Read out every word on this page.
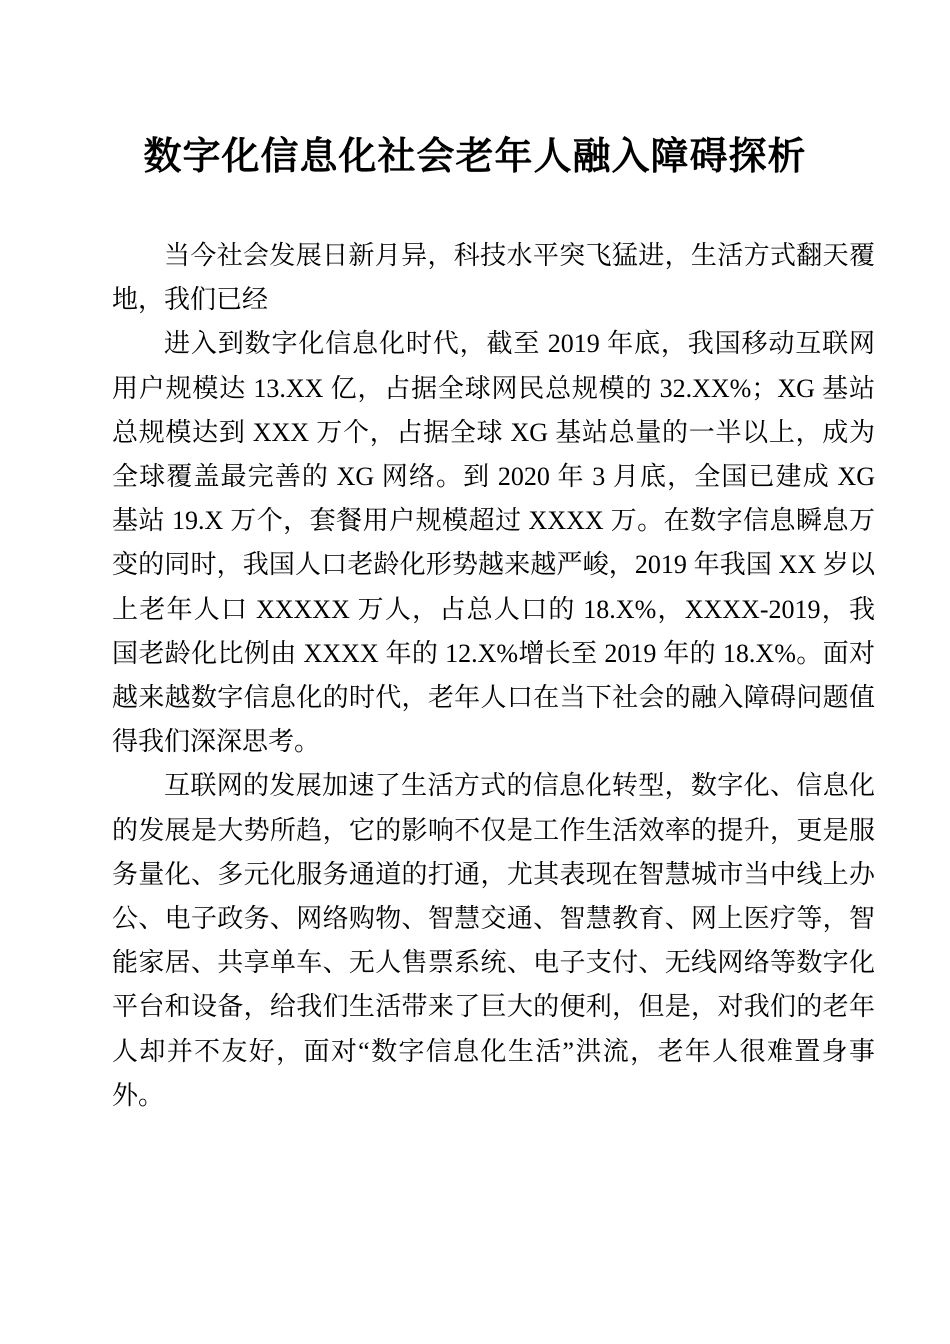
数字化信息化社会老年人融入障碍探析

当今社会发展日新月异，科技水平突飞猛进，生活方式翻天覆地，我们已经

进入到数字化信息化时代，截至 2019 年底，我国移动互联网用户规模达 13.XX 亿，占据全球网民总规模的 32.XX%；XG 基站总规模达到 XXX 万个，占据全球 XG 基站总量的一半以上，成为全球覆盖最完善的 XG 网络。到 2020 年 3 月底，全国已建成 XG 基站 19.X 万个，套餐用户规模超过 XXXX 万。在数字信息瞬息万变的同时，我国人口老龄化形势越来越严峻，2019 年我国 XX 岁以上老年人口 XXXXX 万人，占总人口的 18.X%，XXXX-2019，我国老龄化比例由 XXXX 年的 12.X%增长至 2019 年的 18.X%。面对越来越数字信息化的时代，老年人口在当下社会的融入障碍问题值得我们深深思考。

互联网的发展加速了生活方式的信息化转型，数字化、信息化的发展是大势所趋，它的影响不仅是工作生活效率的提升，更是服务量化、多元化服务通道的打通，尤其表现在智慧城市当中线上办公、电子政务、网络购物、智慧交通、智慧教育、网上医疗等，智能家居、共享单车、无人售票系统、电子支付、无线网络等数字化平台和设备，给我们生活带来了巨大的便利，但是，对我们的老年人却并不友好，面对“数字信息化生活”洪流，老年人很难置身事外。
